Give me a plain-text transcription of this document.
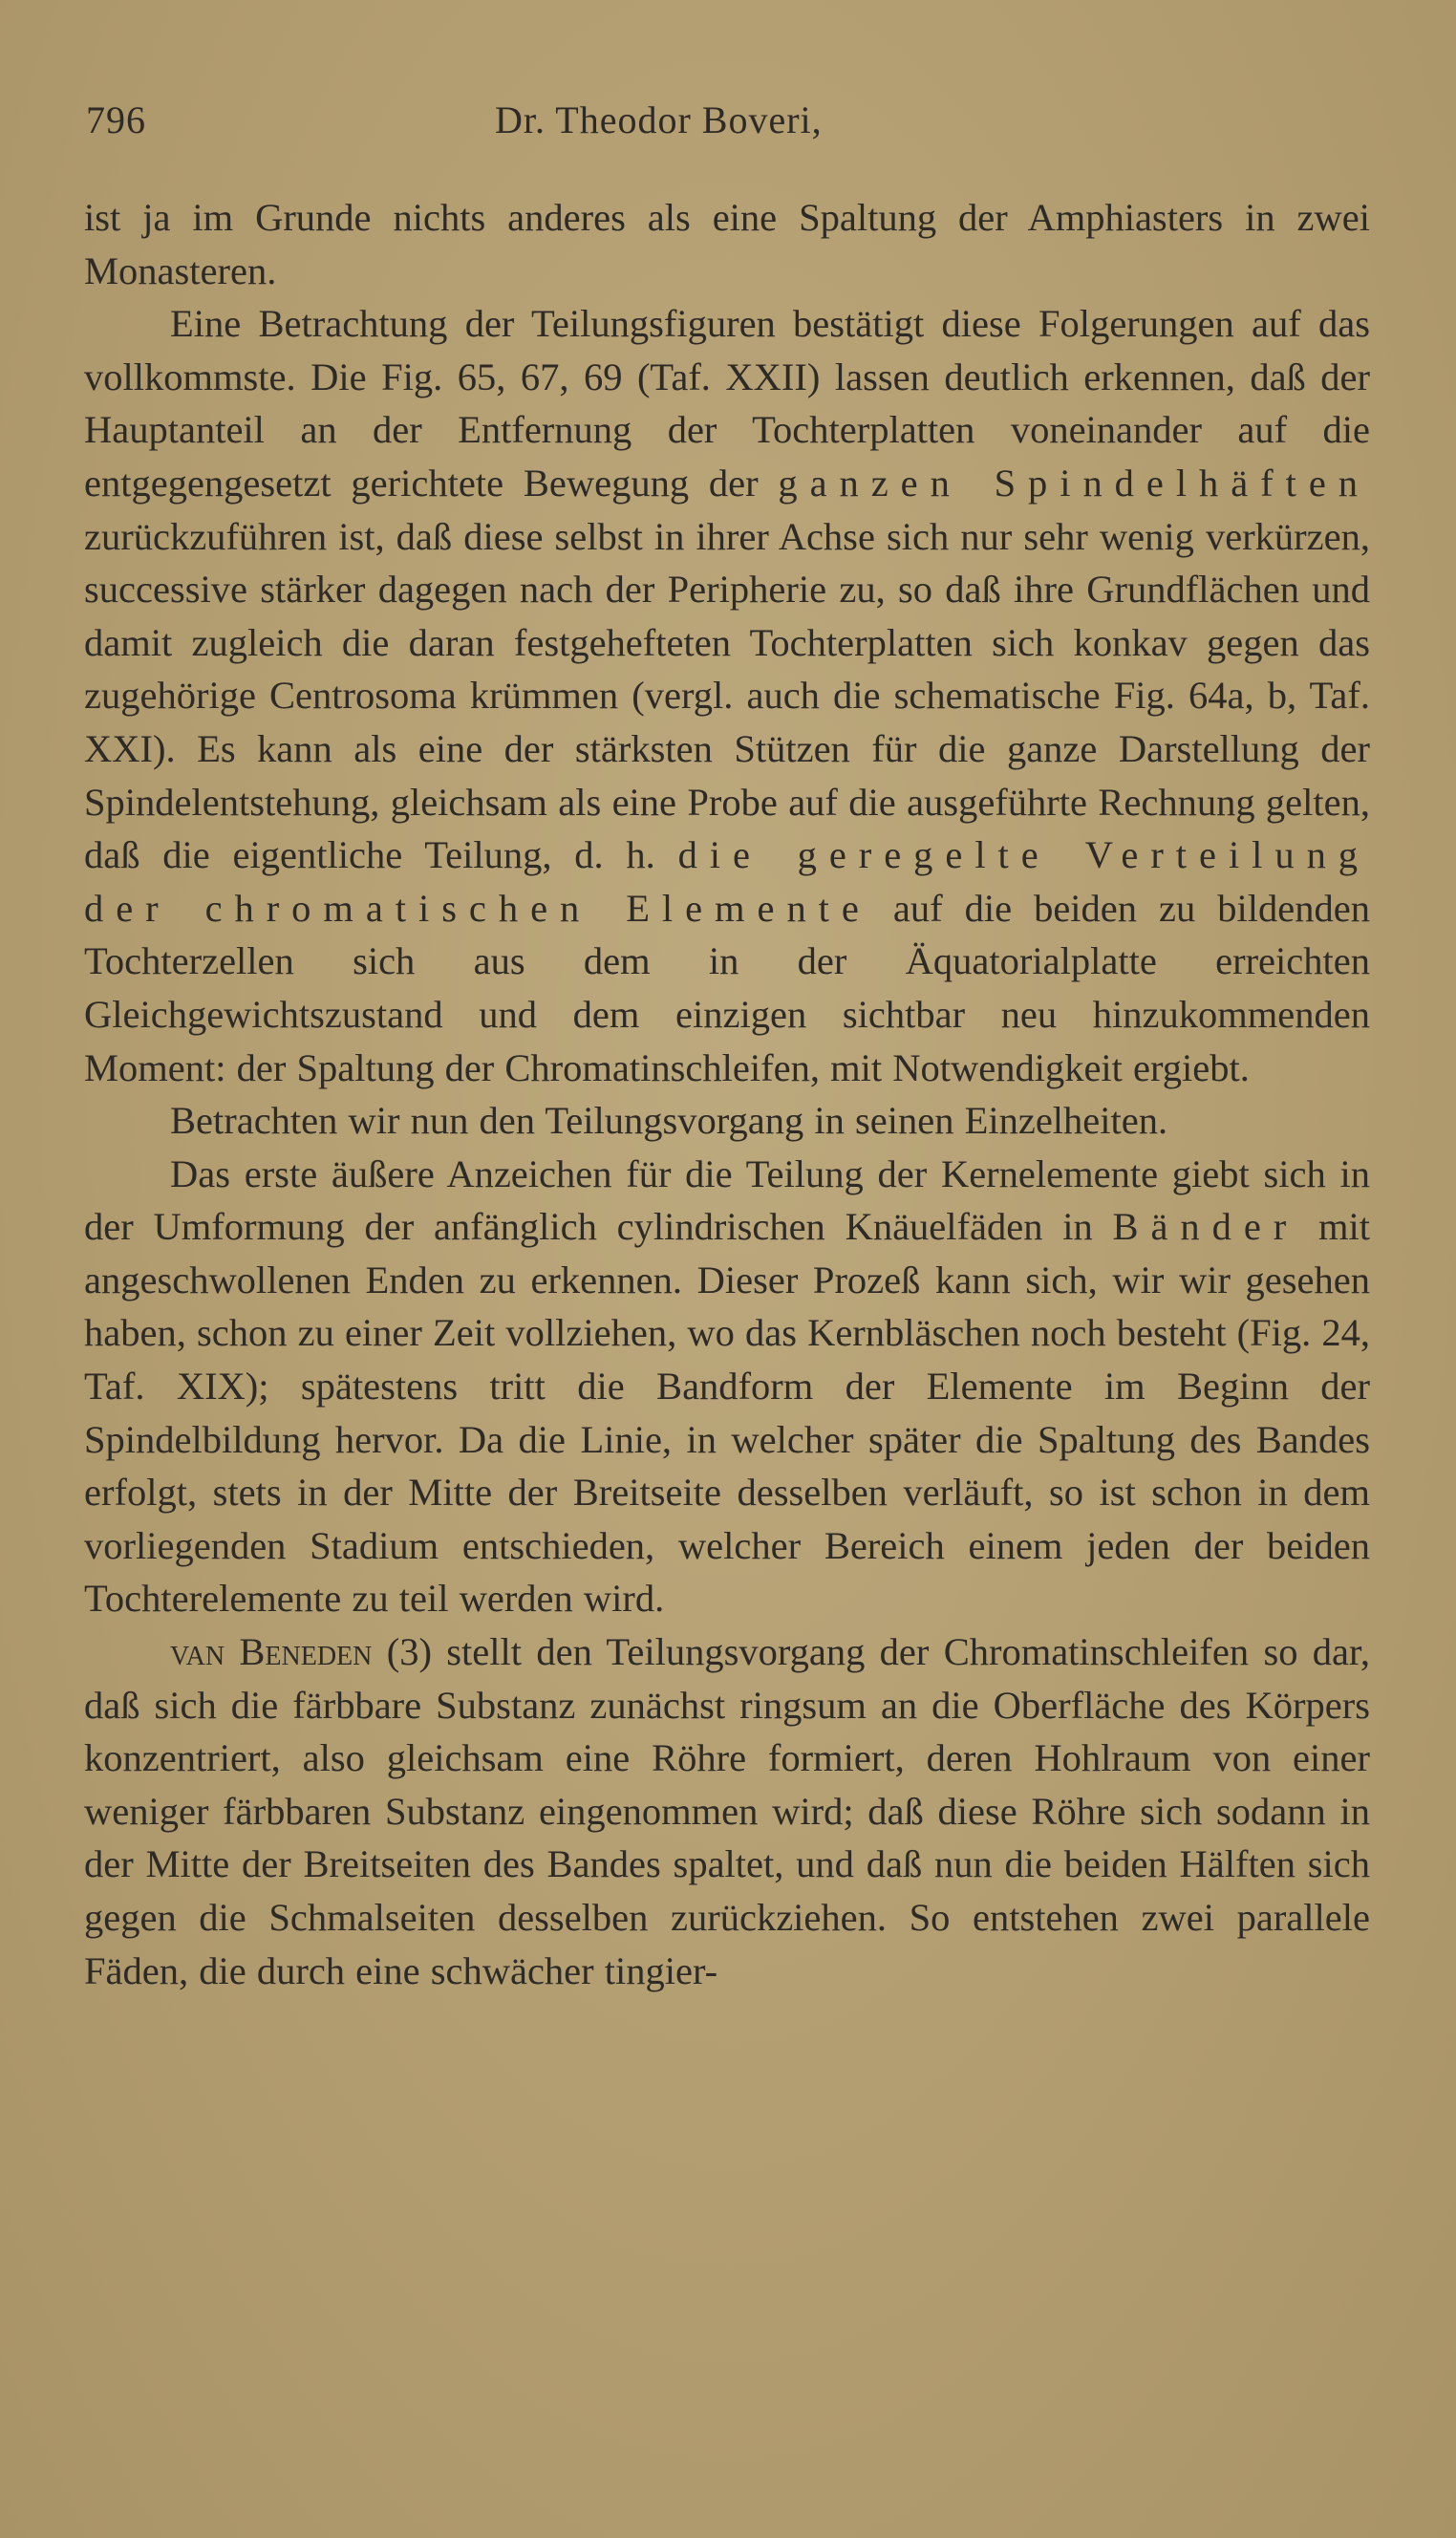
796	Dr. Theodor Boveri,

ist ja im Grunde nichts anderes als eine Spaltung der Amphiasters in zwei Monasteren.

Eine Betrachtung der Teilungsfiguren bestätigt diese Folgerungen auf das vollkommste. Die Fig. 65, 67, 69 (Taf. XXII) lassen deutlich erkennen, daß der Hauptanteil an der Entfernung der Tochterplatten voneinander auf die entgegengesetzt gerichtete Bewegung der ganzen Spindelhäften zurückzuführen ist, daß diese selbst in ihrer Achse sich nur sehr wenig verkürzen, successive stärker dagegen nach der Peripherie zu, so daß ihre Grundflächen und damit zugleich die daran festgehefteten Tochterplatten sich konkav gegen das zugehörige Centrosoma krümmen (vergl. auch die schematische Fig. 64a, b, Taf. XXI). Es kann als eine der stärksten Stützen für die ganze Darstellung der Spindelentstehung, gleichsam als eine Probe auf die ausgeführte Rechnung gelten, daß die eigentliche Teilung, d. h. die geregelte Verteilung der chromatischen Elemente auf die beiden zu bildenden Tochterzellen sich aus dem in der Äquatorialplatte erreichten Gleichgewichtszustand und dem einzigen sichtbar neu hinzukommenden Moment: der Spaltung der Chromatinschleifen, mit Notwendigkeit ergiebt.

Betrachten wir nun den Teilungsvorgang in seinen Einzelheiten.

Das erste äußere Anzeichen für die Teilung der Kernelemente giebt sich in der Umformung der anfänglich cylindrischen Knäuelfäden in Bänder mit angeschwollenen Enden zu erkennen. Dieser Prozeß kann sich, wir wir gesehen haben, schon zu einer Zeit vollziehen, wo das Kernbläschen noch besteht (Fig. 24, Taf. XIX); spätestens tritt die Bandform der Elemente im Beginn der Spindelbildung hervor. Da die Linie, in welcher später die Spaltung des Bandes erfolgt, stets in der Mitte der Breitseite desselben verläuft, so ist schon in dem vorliegenden Stadium entschieden, welcher Bereich einem jeden der beiden Tochterelemente zu teil werden wird.

van Beneden (3) stellt den Teilungsvorgang der Chromatinschleifen so dar, daß sich die färbbare Substanz zunächst ringsum an die Oberfläche des Körpers konzentriert, also gleichsam eine Röhre formiert, deren Hohlraum von einer weniger färbbaren Substanz eingenommen wird; daß diese Röhre sich sodann in der Mitte der Breitseiten des Bandes spaltet, und daß nun die beiden Hälften sich gegen die Schmalseiten desselben zurückziehen. So entstehen zwei parallele Fäden, die durch eine schwächer tingier-
